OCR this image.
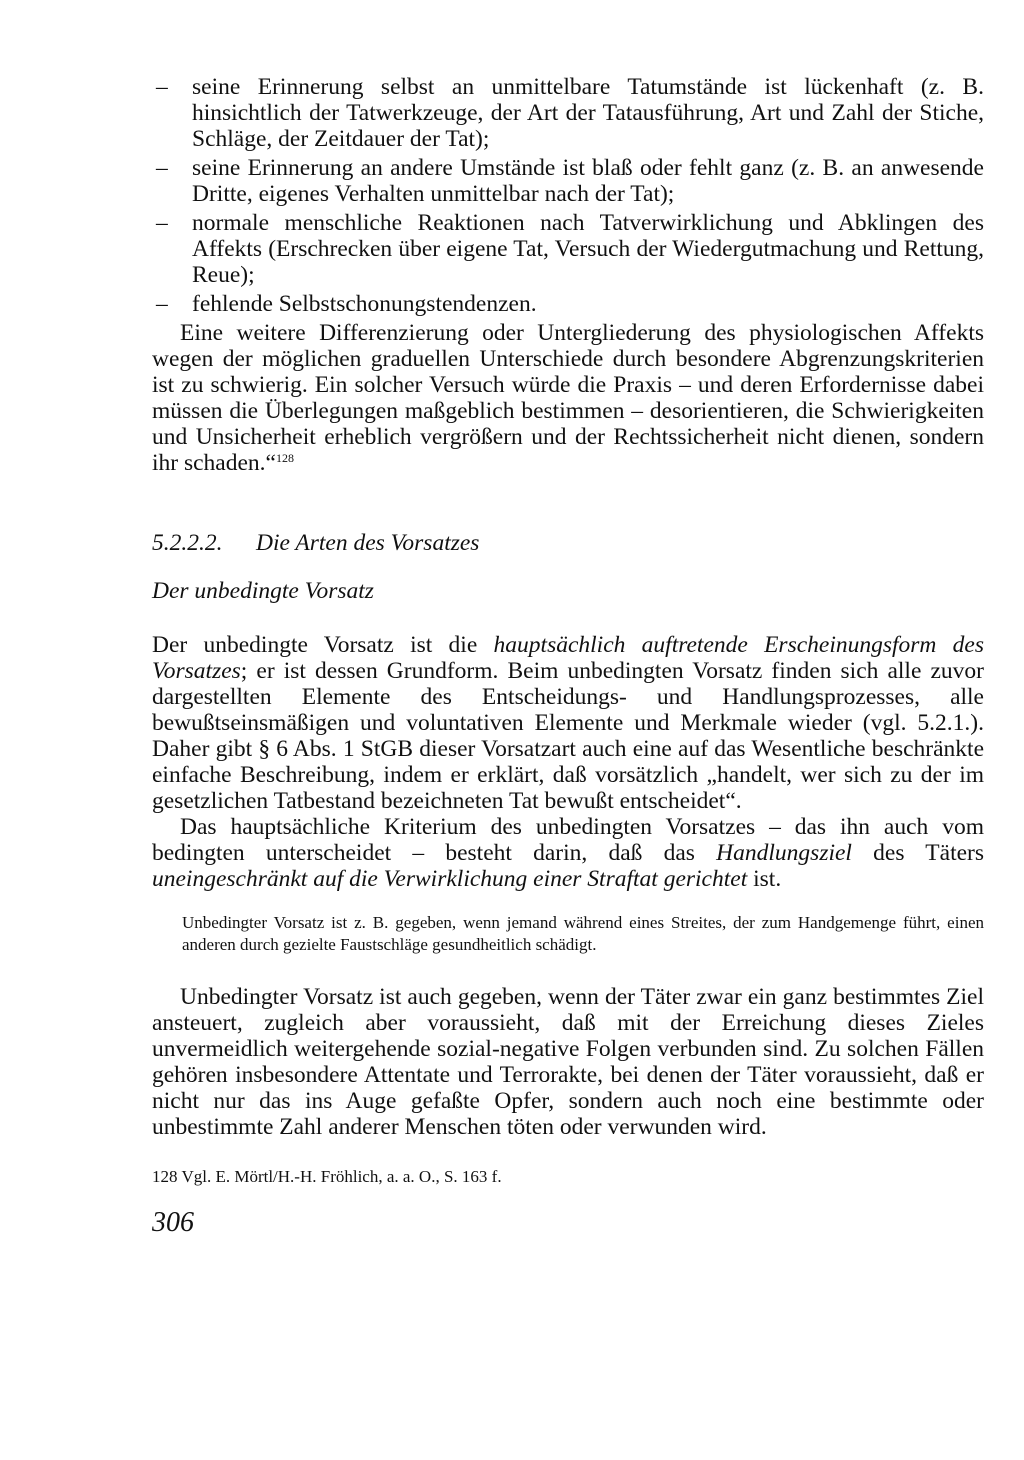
– seine Erinnerung selbst an unmittelbare Tatumstände ist lückenhaft (z. B. hinsichtlich der Tatwerkzeuge, der Art der Tatausführung, Art und Zahl der Stiche, Schläge, der Zeitdauer der Tat);
– seine Erinnerung an andere Umstände ist blaß oder fehlt ganz (z. B. an anwesende Dritte, eigenes Verhalten unmittelbar nach der Tat);
– normale menschliche Reaktionen nach Tatverwirklichung und Abklingen des Affekts (Erschrecken über eigene Tat, Versuch der Wiedergutmachung und Rettung, Reue);
– fehlende Selbstschonungstendenzen.

Eine weitere Differenzierung oder Untergliederung des physiologischen Affekts wegen der möglichen graduellen Unterschiede durch besondere Abgrenzungskriterien ist zu schwierig. Ein solcher Versuch würde die Praxis – und deren Erfordernisse dabei müssen die Überlegungen maßgeblich bestimmen – desorientieren, die Schwierigkeiten und Unsicherheit erheblich vergrößern und der Rechtssicherheit nicht dienen, sondern ihr schaden.“$^{128}$

5.2.2.2. Die Arten des Vorsatzes
Der unbedingte Vorsatz

Der unbedingte Vorsatz ist die hauptsächlich auftretende Erscheinungsform des Vorsatzes; er ist dessen Grundform. Beim unbedingten Vorsatz finden sich alle zuvor dargestellten Elemente des Entscheidungs- und Handlungsprozesses, alle bewußtseinsmäßigen und voluntativen Elemente und Merkmale wieder (vgl. 5.2.1.). Daher gibt § 6 Abs. 1 StGB dieser Vorsatzart auch eine auf das Wesentliche beschränkte einfache Beschreibung, indem er erklärt, daß vorsätzlich „handelt, wer sich zu der im gesetzlichen Tatbestand bezeichneten Tat bewußt entscheidet“.

Das hauptsächliche Kriterium des unbedingten Vorsatzes – das ihn auch vom bedingten unterscheidet – besteht darin, daß das Handlungsziel des Täters uneingeschränkt auf die Verwirklichung einer Straftat gerichtet ist.

Unbedingter Vorsatz ist z. B. gegeben, wenn jemand während eines Streites, der zum Handgemenge führt, einen anderen durch gezielte Faustschläge gesundheitlich schädigt.

Unbedingter Vorsatz ist auch gegeben, wenn der Täter zwar ein ganz bestimmtes Ziel ansteuert, zugleich aber voraussieht, daß mit der Erreichung dieses Zieles unvermeidlich weitergehende sozial-negative Folgen verbunden sind. Zu solchen Fällen gehören insbesondere Attentate und Terrorakte, bei denen der Täter voraussieht, daß er nicht nur das ins Auge gefaßte Opfer, sondern auch noch eine bestimmte oder unbestimmte Zahl anderer Menschen töten oder verwunden wird.

128 Vgl. E. Mörtl/H.-H. Fröhlich, a. a. O., S. 163 f.
306
